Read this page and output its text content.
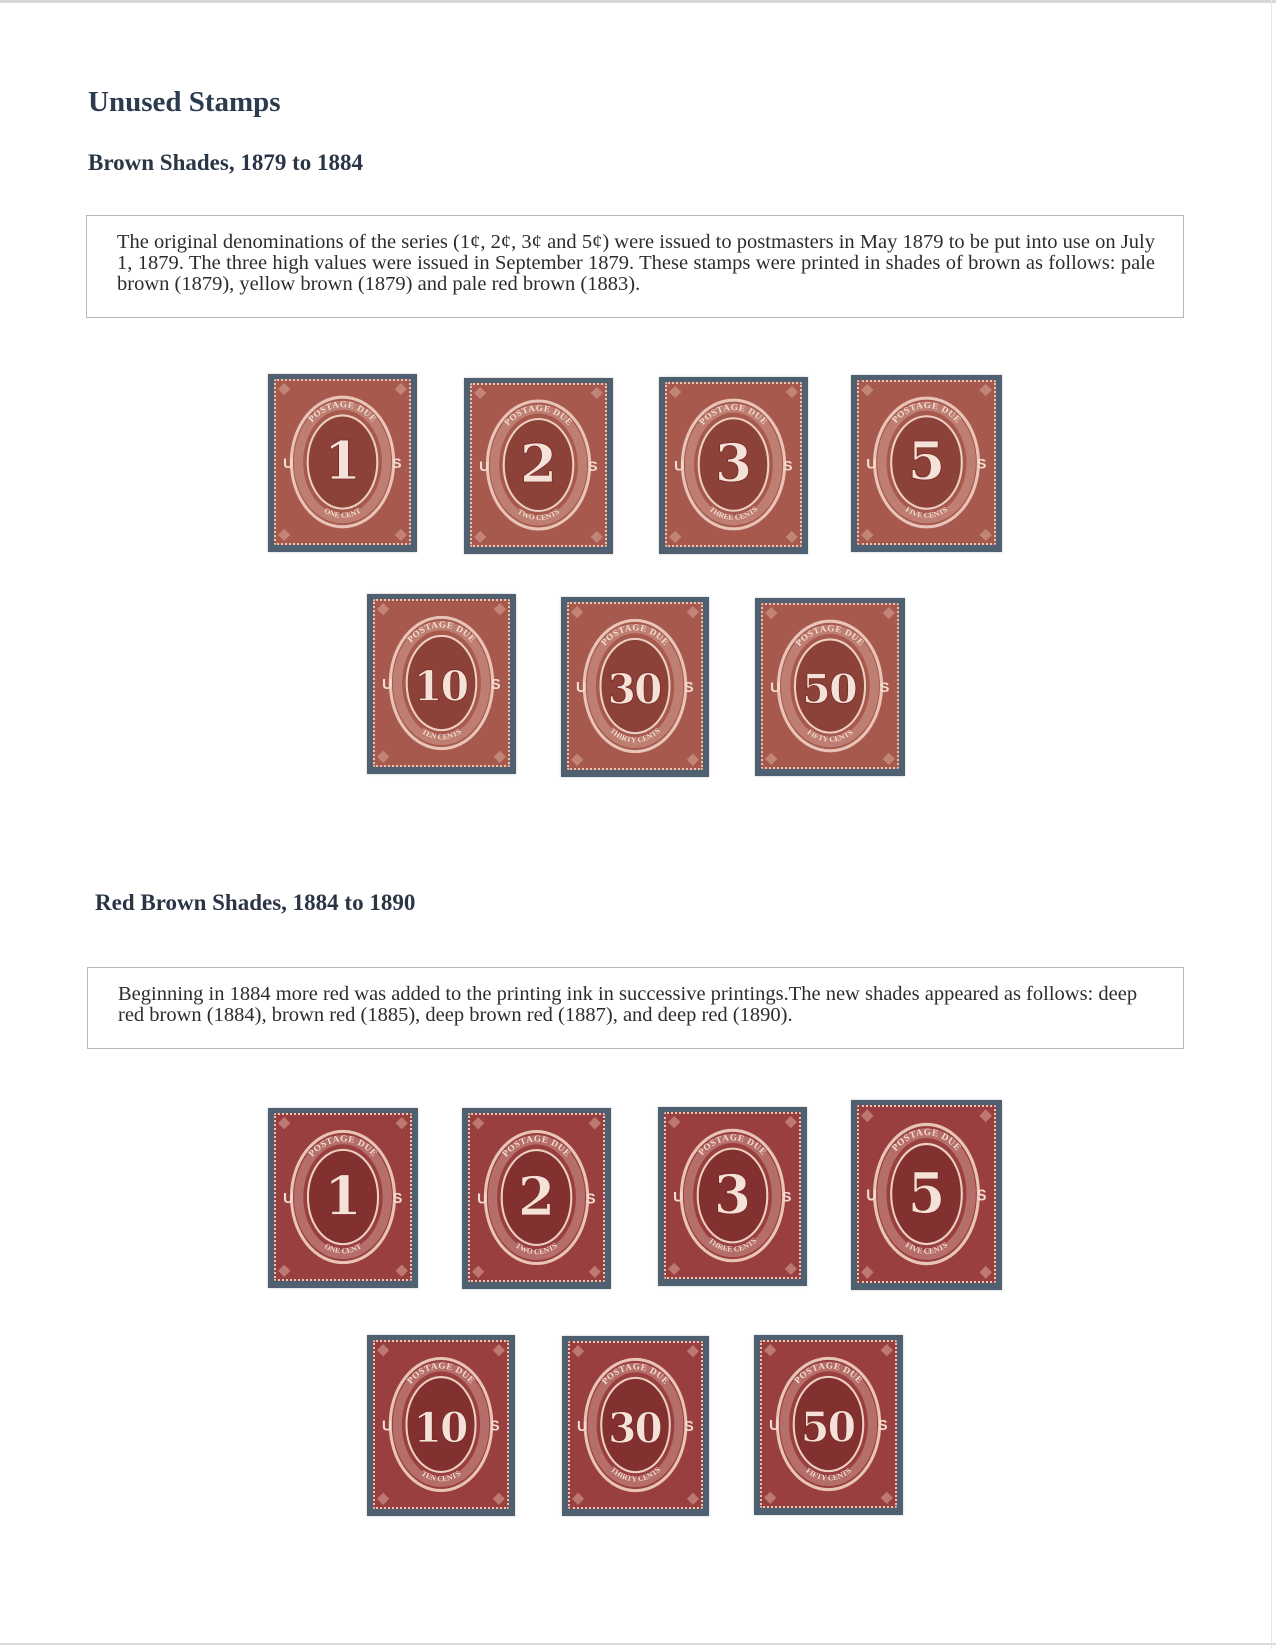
Unused Stamps
Brown Shades, 1879 to 1884
The original denominations of the series (1¢, 2¢, 3¢ and 5¢) were issued to postmasters in May 1879 to be put into use on July 1, 1879. The three high values were issued in September 1879. These stamps were printed in shades of brown as follows: pale brown (1879), yellow brown (1879) and pale red brown (1883).
Red Brown Shades, 1884 to 1890
Beginning in 1884 more red was added to the printing ink in successive printings.The new shades appeared as follows: deep red brown (1884), brown red (1885), deep brown red (1887), and deep red (1890).
POSTAGE DUE
ONE CENT
U	S
1
POSTAGE DUE
TWO CENTS
U	S
2
POSTAGE DUE
THREE CENTS
U	S
3
POSTAGE DUE
FIVE CENTS
U	S
5
POSTAGE DUE
TEN CENTS
U	S
10
POSTAGE DUE
THIRTY CENTS
U	S
30
POSTAGE DUE
FIFTY CENTS
U	S
50
POSTAGE DUE
ONE CENT
U	S
1
POSTAGE DUE
TWO CENTS
U	S
2
POSTAGE DUE
THREE CENTS
U	S
3
POSTAGE DUE
FIVE CENTS
U	S
5
POSTAGE DUE
TEN CENTS
U	S
10
POSTAGE DUE
THIRTY CENTS
U	S
30
POSTAGE DUE
FIFTY CENTS
U	S
50
